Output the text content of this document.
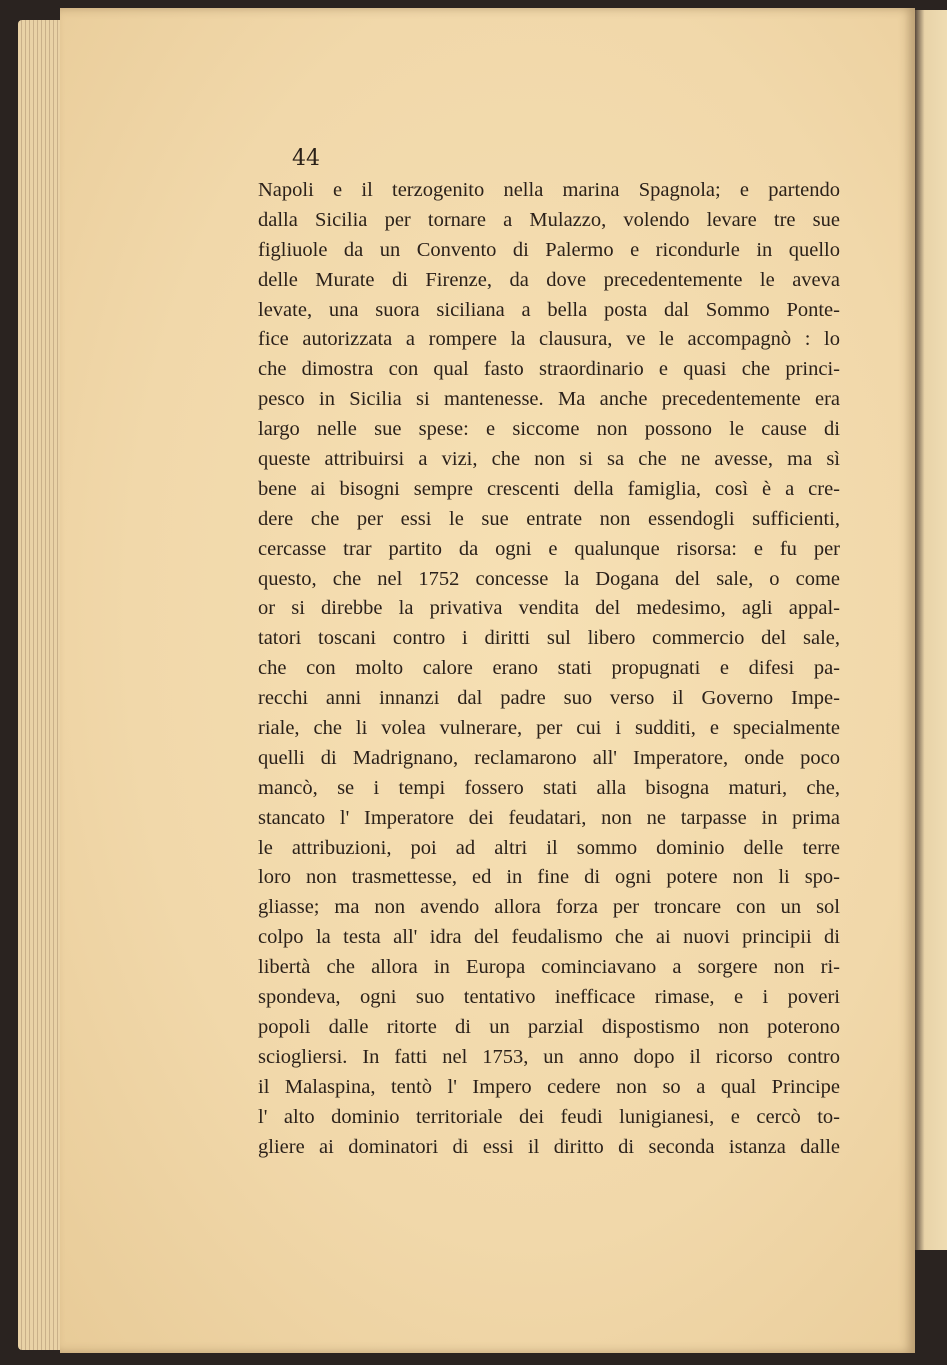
44
Napoli e il terzogenito nella marina Spagnola; e partendo
dalla Sicilia per tornare a Mulazzo, volendo levare tre sue
figliuole da un Convento di Palermo e ricondurle in quello
delle Murate di Firenze, da dove precedentemente le aveva
levate, una suora siciliana a bella posta dal Sommo Ponte-
fice autorizzata a rompere la clausura, ve le accompagnò : lo
che dimostra con qual fasto straordinario e quasi che princi-
pesco in Sicilia si mantenesse. Ma anche precedentemente era
largo nelle sue spese: e siccome non possono le cause di
queste attribuirsi a vizi, che non si sa che ne avesse, ma sì
bene ai bisogni sempre crescenti della famiglia, così è a cre-
dere che per essi le sue entrate non essendogli sufficienti,
cercasse trar partito da ogni e qualunque risorsa: e fu per
questo, che nel 1752 concesse la Dogana del sale, o come
or si direbbe la privativa vendita del medesimo, agli appal-
tatori toscani contro i diritti sul libero commercio del sale,
che con molto calore erano stati propugnati e difesi pa-
recchi anni innanzi dal padre suo verso il Governo Impe-
riale, che li volea vulnerare, per cui i sudditi, e specialmente
quelli di Madrignano, reclamarono all' Imperatore, onde poco
mancò, se i tempi fossero stati alla bisogna maturi, che,
stancato l' Imperatore dei feudatari, non ne tarpasse in prima
le attribuzioni, poi ad altri il sommo dominio delle terre
loro non trasmettesse, ed in fine di ogni potere non li spo-
gliasse; ma non avendo allora forza per troncare con un sol
colpo la testa all' idra del feudalismo che ai nuovi principii di
libertà che allora in Europa cominciavano a sorgere non ri-
spondeva, ogni suo tentativo inefficace rimase, e i poveri
popoli dalle ritorte di un parzial dispostismo non poterono
sciogliersi. In fatti nel 1753, un anno dopo il ricorso contro
il Malaspina, tentò l' Impero cedere non so a qual Principe
l' alto dominio territoriale dei feudi lunigianesi, e cercò to-
gliere ai dominatori di essi il diritto di seconda istanza dalle
